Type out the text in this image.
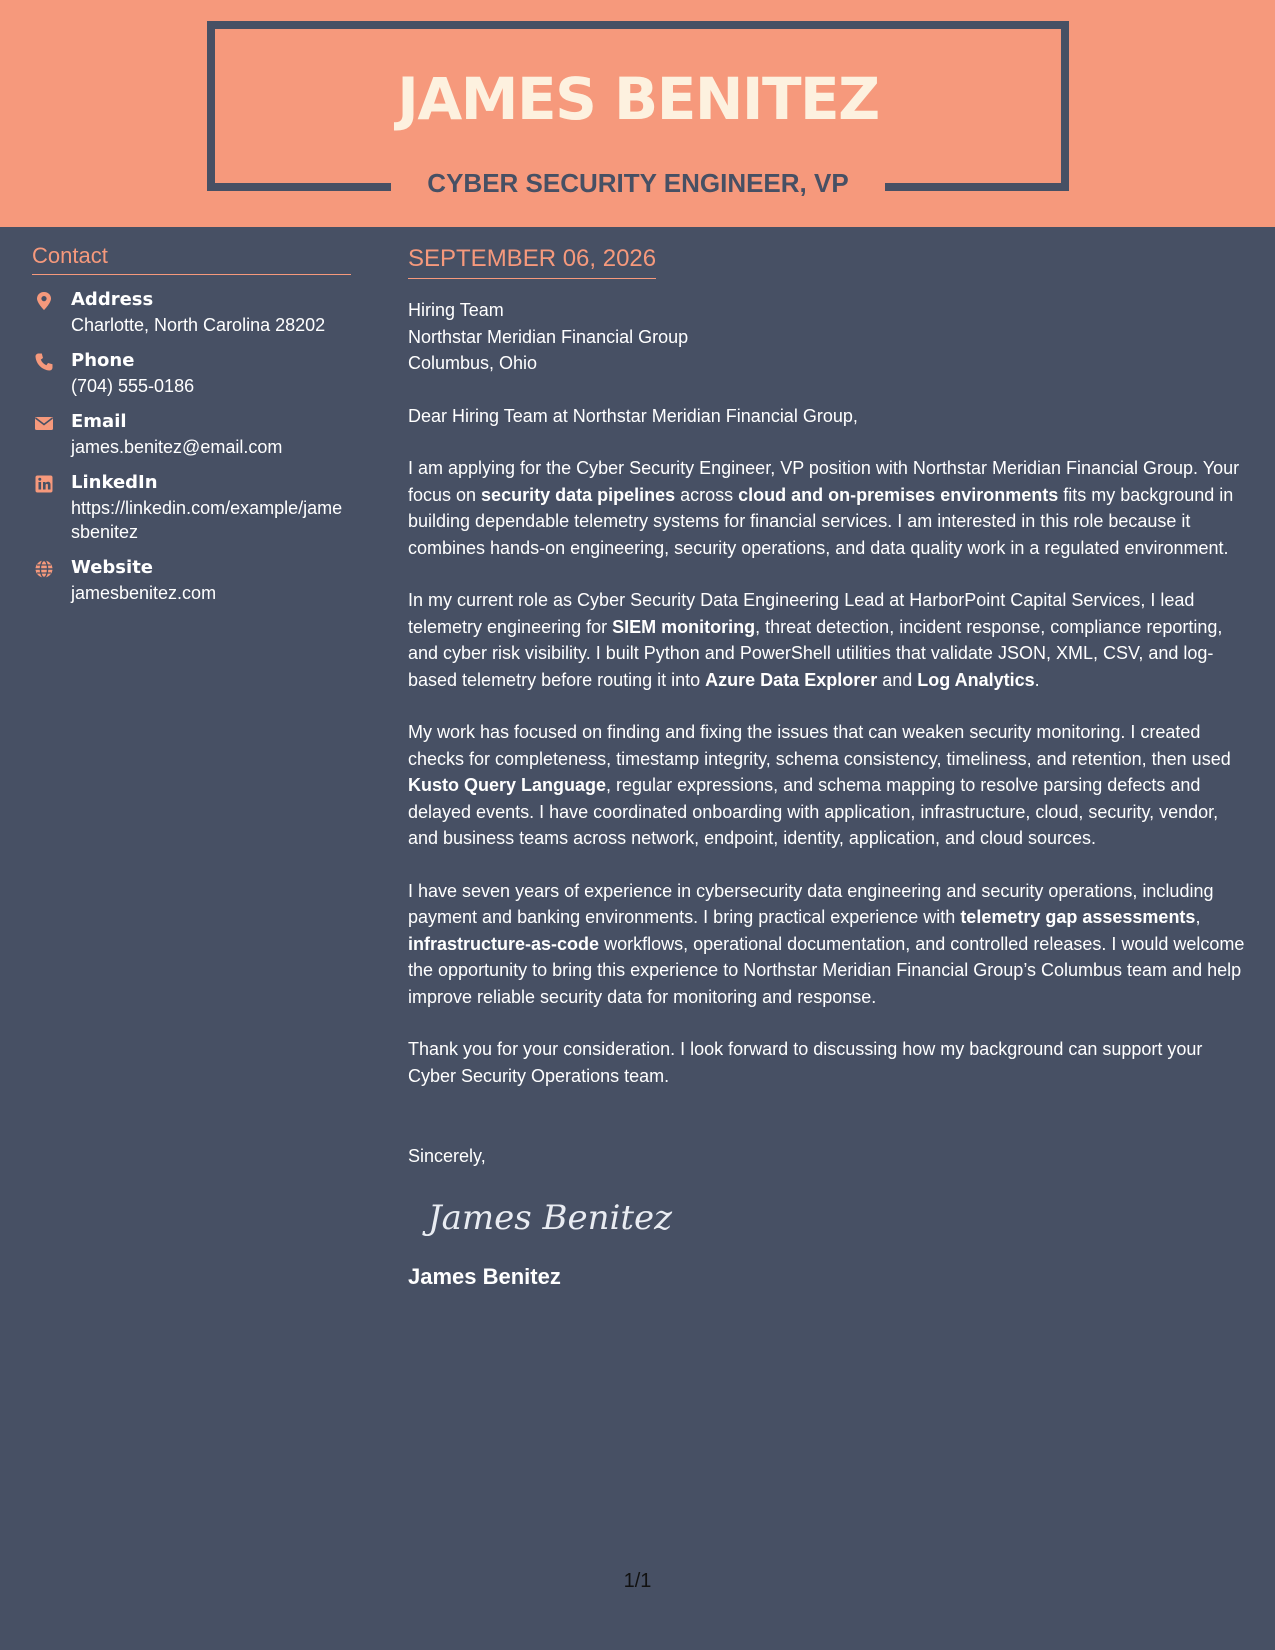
JAMES BENITEZ
CYBER SECURITY ENGINEER, VP
Contact
Address
Charlotte, North Carolina 28202
Phone
(704) 555-0186
Email
james.benitez@email.com
LinkedIn
https://linkedin.com/example/jamesbenitez
Website
jamesbenitez.com
SEPTEMBER 06, 2026
Hiring Team
Northstar Meridian Financial Group
Columbus, Ohio

Dear Hiring Team at Northstar Meridian Financial Group,

I am applying for the Cyber Security Engineer, VP position with Northstar Meridian Financial Group. Your focus on security data pipelines across cloud and on-premises environments fits my background in building dependable telemetry systems for financial services. I am interested in this role because it combines hands-on engineering, security operations, and data quality work in a regulated environment.

In my current role as Cyber Security Data Engineering Lead at HarborPoint Capital Services, I lead telemetry engineering for SIEM monitoring, threat detection, incident response, compliance reporting, and cyber risk visibility. I built Python and PowerShell utilities that validate JSON, XML, CSV, and log-based telemetry before routing it into Azure Data Explorer and Log Analytics.

My work has focused on finding and fixing the issues that can weaken security monitoring. I created checks for completeness, timestamp integrity, schema consistency, timeliness, and retention, then used Kusto Query Language, regular expressions, and schema mapping to resolve parsing defects and delayed events. I have coordinated onboarding with application, infrastructure, cloud, security, vendor, and business teams across network, endpoint, identity, application, and cloud sources.

I have seven years of experience in cybersecurity data engineering and security operations, including payment and banking environments. I bring practical experience with telemetry gap assessments, infrastructure-as-code workflows, operational documentation, and controlled releases. I would welcome the opportunity to bring this experience to Northstar Meridian Financial Group’s Columbus team and help improve reliable security data for monitoring and response.

Thank you for your consideration. I look forward to discussing how my background can support your Cyber Security Operations team.

Sincerely,
James Benitez
James Benitez
1/1
